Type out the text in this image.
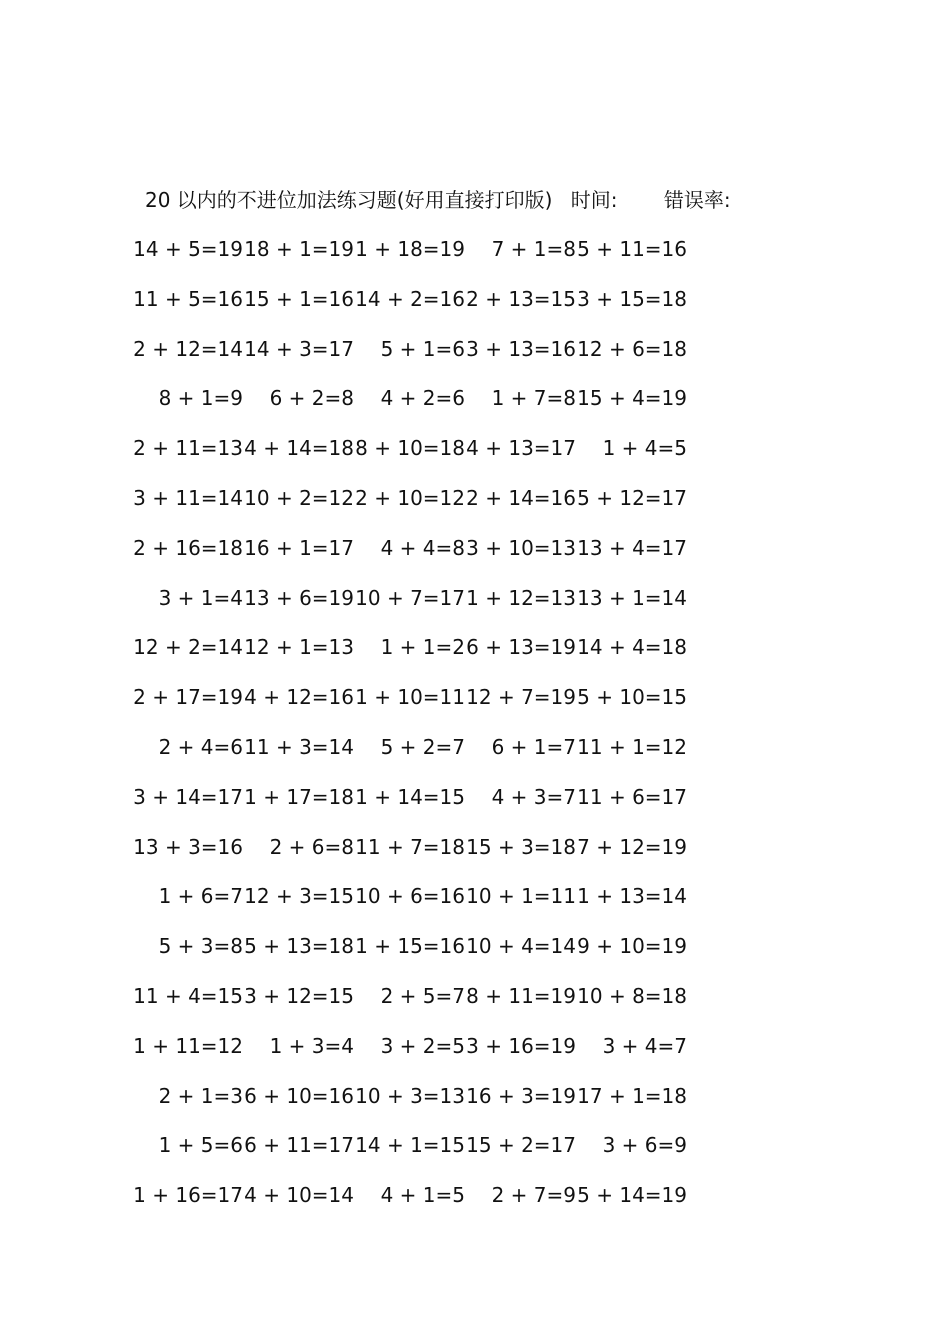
20 以内的不进位加法练习题(好用直接打印版) 时间: 错误率:
14 + 5=19 18 + 1=19 1 + 18=19	7 + 1=8 5 + 11=16
11 + 5=16 15 + 1=16 14 + 2=16 2 + 13=15 3 + 15=18
2 + 12=14 14 + 3=17	5 + 1=6 3 + 13=16 12 + 6=18
8 + 1=9	6 + 2=8	4 + 2=6	1 + 7=8 15 + 4=19
2 + 11=13 4 + 14=18 8 + 10=18 4 + 13=17	1 + 4=5
3 + 11=14 10 + 2=12 2 + 10=12 2 + 14=16 5 + 12=17
2 + 16=18 16 + 1=17	4 + 4=8 3 + 10=13 13 + 4=17
3 + 1=4 13 + 6=19 10 + 7=17 1 + 12=13 13 + 1=14
12 + 2=14 12 + 1=13	1 + 1=2 6 + 13=19 14 + 4=18
2 + 17=19 4 + 12=16 1 + 10=11 12 + 7=19 5 + 10=15
2 + 4=6 11 + 3=14	5 + 2=7	6 + 1=7 11 + 1=12
3 + 14=17 1 + 17=18 1 + 14=15	4 + 3=7 11 + 6=17
13 + 3=16	2 + 6=8 11 + 7=18 15 + 3=18 7 + 12=19
1 + 6=7 12 + 3=15 10 + 6=16 10 + 1=11 1 + 13=14
5 + 3=8 5 + 13=18 1 + 15=16 10 + 4=14 9 + 10=19
11 + 4=15 3 + 12=15	2 + 5=7 8 + 11=19 10 + 8=18
1 + 11=12	1 + 3=4	3 + 2=5 3 + 16=19	3 + 4=7
2 + 1=3 6 + 10=16 10 + 3=13 16 + 3=19 17 + 1=18
1 + 5=6 6 + 11=17 14 + 1=15 15 + 2=17	3 + 6=9
1 + 16=17 4 + 10=14	4 + 1=5	2 + 7=9 5 + 14=19
